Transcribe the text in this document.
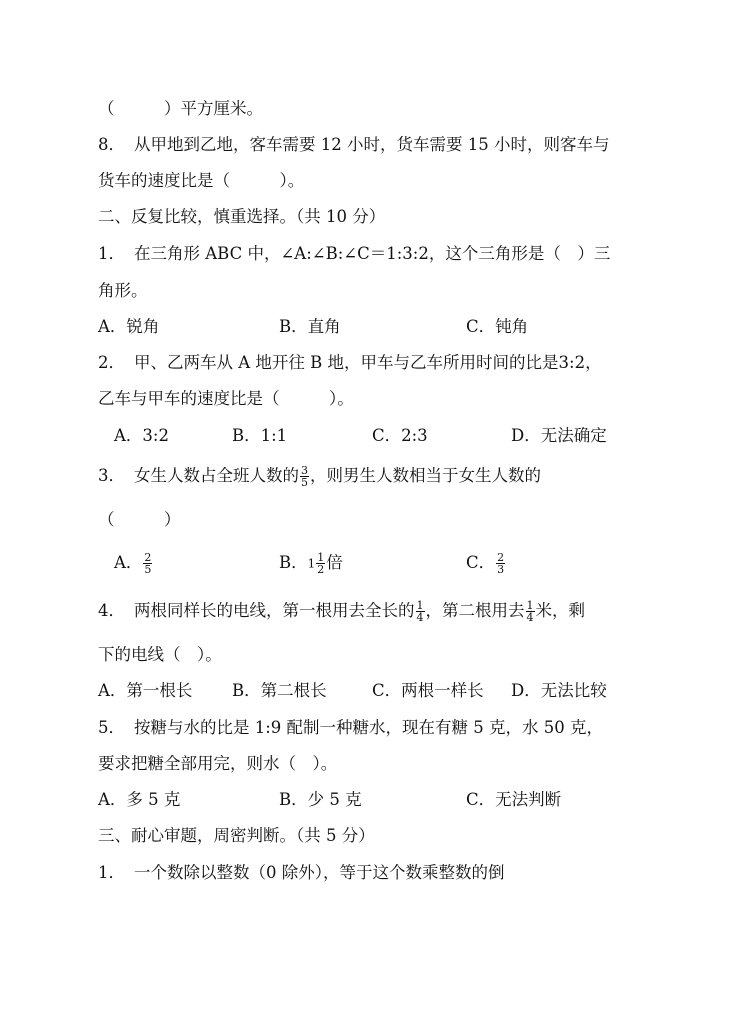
（　　　）平方厘米。
8． 从甲地到乙地，客车需要 12 小时，货车需要 15 小时，则客车与
货车的速度比是（　　　）。
二、反复比较，慎重选择。（共 10 分）
1． 在三角形 ABC 中，∠A:∠B:∠C＝1:3:2，这个三角形是（　）三
角形。
A．锐角	B．直角	C．钝角
2． 甲、乙两车从 A 地开往 B 地，甲车与乙车所用时间的比是3:2，
乙车与甲车的速度比是（　　　）。
A．3:2	B．1:1	C．2:3	D．无法确定
3． 女生人数占全班人数的 $\frac{3}{5}$ ，则男生人数相当于女生人数的
（　　　）
A． $\frac{2}{5}$	B．$1 \frac{1}{2}$ 倍	C． $\frac{2}{3}$
4． 两根同样长的电线，第一根用去全长的 $\frac{1}{4}$ ，第二根用去 $\frac{1}{4}$ 米，剩
下的电线（　）。
A．第一根长 B．第二根长	C．两根一样长 D．无法比较
5． 按糖与水的比是 1:9 配制一种糖水，现在有糖 5 克，水 50 克，
要求把糖全部用完，则水（　）。
A．多 5 克	B．少 5 克	C．无法判断
三、耐心审题，周密判断。（共 5 分）
1． 一个数除以整数（0 除外），等于这个数乘整数的倒
